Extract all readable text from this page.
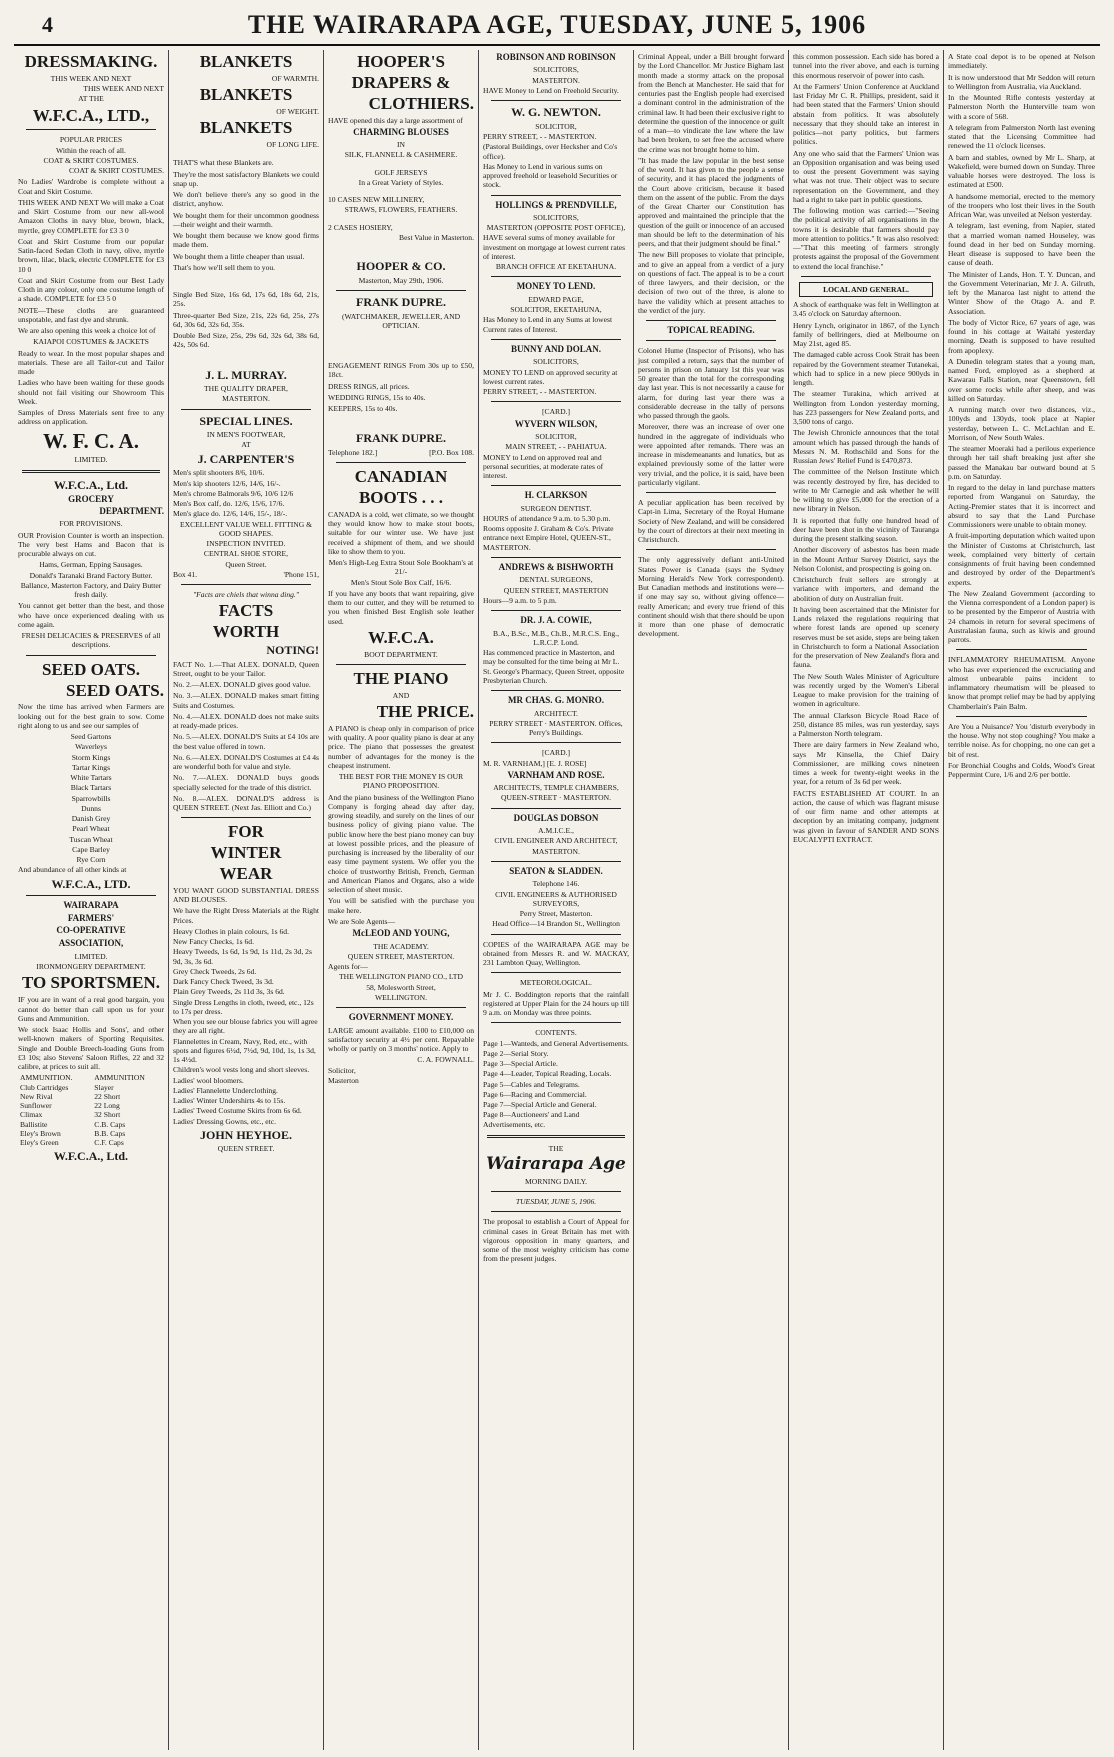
4	THE WAIRARAPA AGE, TUESDAY, JUNE 5, 1906
DRESSMAKING.
THIS WEEK AND NEXT
THIS WEEK AND NEXT
AT THE
W.F.C.A., LTD.,
POPULAR PRICES
Within the reach of all.
COAT & SKIRT COSTUMES.
COAT & SKIRT COSTUMES.

No Ladies' Wardrobe is complete without a Coat and Skirt Costume.

THIS WEEK AND NEXT We will make a Coat and Skirt Costume from our new all-wool Amazon Cloths in navy blue, brown, black, myrtle, grey COMPLETE for £3 3 0

Coat and Skirt Costume from our popular Satin-faced Sedan Cloth in navy, olive, myrtle brown, lilac, black, electric COMPLETE for £3 10 0

Coat and Skirt Costume from our Best Lady Cloth in any colour, only one costume length of a shade. COMPLETE for £3 5 0

NOTE—These cloths are guaranteed unspotable, and fast dye and shrunk.

We are also opening this week a choice lot of

KAIAPOI COSTUMES & JACKETS

Ready to wear. In the most popular shapes and materials. These are all Tailor-cut and Tailor made

Ladies who have been waiting for these goods should not fail visiting our Showroom This Week.

Samples of Dress Materials sent free to any address on application.

W. F. C. A.
LIMITED.
W.F.C.A., Ltd.
GROCERY
DEPARTMENT.
FOR PROVISIONS.

OUR Provision Counter is worth an inspection. The very best Hams and Bacon that is procurable always on cut.

Hams, German, Epping Sausages.
Donald's Taranaki Brand Factory Butter.
Ballance, Masterton Factory, and Dairy Butter fresh daily.

You cannot get better than the best, and those who have once experienced dealing with us come again.

FRESH DELICACIES & PRESERVES of all descriptions.
SEED OATS.
SEED OATS.

Now the time has arrived when Farmers are looking out for the best grain to sow. Come right along to us and see our samples of

Seed Gartons
Waverleys
Storm Kings
Tartar Kings
White Tartars
Black Tartars
Sparrowbills
Dunns
Danish Grey
Pearl Wheat
Tuscan Wheat
Cape Barley
Rye Corn
And abundance of all other kinds at
W.F.C.A., LTD.
WAIRARAPA
FARMERS'
CO-OPERATIVE
ASSOCIATION,
LIMITED.
IRONMONGERY DEPARTMENT.
TO SPORTSMEN.

IF you are in want of a real good bargain, you cannot do better than call upon us for your Guns and Ammunition.

We stock Isaac Hollis and Sons', and other well-known makers of Sporting Requisites. Single and Double Breech-loading Guns from £3 10s; also Stevens' Saloon Rifles, 22 and 32 calibre, at prices to suit all.

AMMUNITION.	AMMUNITION
Club Cartridges	Slayer
New Rival	22 Short
Sunflower	22 Long
Climax	32 Short
Ballistite	C.B. Caps
Eley's Brown	B.B. Caps
Eley's Green	C.F. Caps
W.F.C.A., Ltd.
BLANKETS
OF WARMTH.
BLANKETS
OF WEIGHT.
BLANKETS
OF LONG LIFE.

THAT'S what these Blankets are.

They're the most satisfactory Blankets we could snap up.

We don't believe there's any so good in the district, anyhow.

We bought them for their uncommon goodness—their weight and their warmth.

We bought them because we know good firms made them.

We bought them a little cheaper than usual.

That's how we'll sell them to you.

Single Bed Size, 16s 6d, 17s 6d, 18s 6d, 21s, 25s.

Three-quarter Bed Size, 21s, 22s 6d, 25s, 27s 6d, 30s 6d, 32s 6d, 35s.

Double Bed Size, 25s, 29s 6d, 32s 6d, 38s 6d, 42s, 50s 6d.

J. L. MURRAY.
THE QUALITY DRAPER,
MASTERTON.
SPECIAL LINES.
IN MEN'S FOOTWEAR,
AT
J. CARPENTER'S
Men's split shooters 8/6, 10/6.
Men's kip shooters 12/6, 14/6, 16/-.
Men's chrome Balmorals 9/6, 10/6 12/6
Men's Box calf, do. 12/6, 15/6, 17/6.
Men's glace do. 12/6, 14/6, 15/-, 18/-.
EXCELLENT VALUE WELL FITTING & GOOD SHAPES.
INSPECTION INVITED.
CENTRAL SHOE STORE,
Queen Street.
Box 41.	'Phone 151,
"Facts are chiels that winna ding."
FACTS
WORTH
NOTING!

FACT No. 1.—That ALEX. DONALD, Queen Street, ought to be your Tailor.

No. 2.—ALEX. DONALD gives good value.

No. 3.—ALEX. DONALD makes smart fitting Suits and Costumes.

No. 4.—ALEX. DONALD does not make suits at ready-made prices.

No. 5.—ALEX. DONALD'S Suits at £4 10s are the best value offered in town.

No. 6.—ALEX. DONALD'S Costumes at £4 4s are wonderful both for value and style.

No. 7.—ALEX. DONALD buys goods specially selected for the trade of this district.

No. 8.—ALEX. DONALD'S address is QUEEN STREET. (Next Jas. Elliott and Co.)

FOR
WINTER
WEAR

YOU WANT GOOD SUBSTANTIAL DRESS AND BLOUSES.

We have the Right Dress Materials at the Right Prices.

Heavy Clothes in plain colours, 1s 6d.
New Fancy Checks, 1s 6d.
Heavy Tweeds, 1s 6d, 1s 9d, 1s 11d, 2s 3d, 2s 9d, 3s, 3s 6d.
Grey Check Tweeds, 2s 6d.
Dark Fancy Check Tweed, 3s 3d.
Plain Grey Tweeds, 2s 11d 3s, 3s 6d.
Single Dress Lengths in cloth, tweed, etc., 12s to 17s per dress.
When you see our blouse fabrics you will agree they are all right.
Flannelettes in Cream, Navy, Red, etc., with spots and figures 6½d, 7½d, 9d, 10d, 1s, 1s 3d, 1s 4½d.
Children's wool vests long and short sleeves.
Ladies' wool bloomers.
Ladies' Flannelette Underclothing.
Ladies' Winter Undershirts 4s to 15s.
Ladies' Tweed Costume Skirts from 6s 6d.
Ladies' Dressing Gowns, etc., etc.
JOHN HEYHOE.
QUEEN STREET.
HOOPER'S
DRAPERS &
CLOTHIERS.

HAVE opened this day a large assortment of

CHARMING BLOUSES
IN
SILK, FLANNELL & CASHMERE.
GOLF JERSEYS
In a Great Variety of Styles.
10 CASES NEW MILLINERY,
STRAWS, FLOWERS, FEATHERS.
2 CASES HOSIERY,
Best Value in Masterton.
HOOPER & CO.
Masterton, May 29th, 1906.
FRANK DUPRE.
(WATCHMAKER, JEWELLER, AND OPTICIAN.

ENGAGEMENT RINGS From 30s up to £50, 18ct.

DRESS RINGS, all prices.

WEDDING RINGS, 15s to 40s.

KEEPERS, 15s to 40s.

FRANK DUPRE.
Telephone 182.]	[P.O. Box 108.
CANADIAN
BOOTS . . .

CANADA is a cold, wet climate, so we thought they would know how to make stout boots, suitable for our winter use. We have just received a shipment of them, and we should like to show them to you.

Men's High-Leg Extra Stout Sole Bookham's at 21/-
Men's Stout Sole Box Calf, 16/6.

If you have any boots that want repairing, give them to our cutter, and they will be returned to you when finished Best English sole leather used.

W.F.C.A.
BOOT DEPARTMENT.
THE PIANO
AND
THE PRICE.

A PIANO is cheap only in comparison of price with quality. A poor quality piano is dear at any price. The piano that possesses the greatest number of advantages for the money is the cheapest instrument.

THE BEST FOR THE MONEY IS OUR PIANO PROPOSITION.

And the piano business of the Wellington Piano Company is forging ahead day after day, growing steadily, and surely on the lines of our business policy of giving piano value. The public know here the best piano money can buy at lowest possible prices, and the pleasure of purchasing is increased by the liberality of our easy time payment system. We offer you the choice of trustworthy British, French, German and American Pianos and Organs, also a wide selection of sheet music.

You will be satisfied with the purchase you make here.

We are Sole Agents—
McLEOD AND YOUNG,
THE ACADEMY.
QUEEN STREET, MASTERTON.
Agents for—
THE WELLINGTON PIANO CO., LTD
58, Molesworth Street,
WELLINGTON.
GOVERNMENT MONEY.

LARGE amount available. £100 to £10,000 on satisfactory security at 4½ per cent. Repayable wholly or partly on 3 months' notice. Apply to

C. A. FOWNALL.
Solicitor,
Masterton
ROBINSON AND ROBINSON
SOLICITORS,
MASTERTON.
HAVE Money to Lend on Freehold Security.
W. G. NEWTON.
SOLICITOR,
PERRY STREET, - - MASTERTON.
(Pastoral Buildings, over Hecksher and Co's office).
Has Money to Lend in various sums on approved freehold or leasehold Securities or stock.
HOLLINGS & PRENDVILLE,
SOLICITORS,
MASTERTON (OPPOSITE POST OFFICE),
HAVE several sums of money available for investment on mortgage at lowest current rates of interest.
BRANCH OFFICE AT EKETAHUNA.
MONEY TO LEND.
EDWARD PAGE,
SOLICITOR, EKETAHUNA,
Has Money to Lend in any Sums at lowest Current rates of Interest.
BUNNY AND DOLAN.
SOLICITORS,
MONEY TO LEND on approved security at lowest current rates.
PERRY STREET, - - MASTERTON.
[CARD.]
WYVERN WILSON,
SOLICITOR,
MAIN STREET, - - PAHIATUA.
MONEY to Lend on approved real and personal securities, at moderate rates of interest.
H. CLARKSON
SURGEON DENTIST.
HOURS of attendance 9 a.m. to 5.30 p.m.
Rooms opposite J. Graham & Co's. Private entrance next Empire Hotel, QUEEN-ST., MASTERTON.
ANDREWS & BISHWORTH
DENTAL SURGEONS,
QUEEN STREET, MASTERTON
Hours—9 a.m. to 5 p.m.
DR. J. A. COWIE,
B.A., B.Sc., M.B., Ch.B., M.R.C.S. Eng., L.R.C.P. Lond.
Has commenced practice in Masterton, and may be consulted for the time being at Mr L. St. George's Pharmacy, Queen Street, opposite Presbyterian Church.
MR CHAS. G. MONRO.
ARCHITECT.
PERRY STREET · MASTERTON. Offices, Perry's Buildings.
[CARD.]
M. R. VARNHAM,] [E. J. ROSE]
VARNHAM AND ROSE.
ARCHITECTS, TEMPLE CHAMBERS,
QUEEN-STREET · MASTERTON.
DOUGLAS DOBSON
A.M.I.C.E.,
CIVIL ENGINEER AND ARCHITECT,
MASTERTON.
SEATON & SLADDEN.
Telephone 146.
CIVIL ENGINEERS & AUTHORISED SURVEYORS,
Perry Street, Masterton.
Head Office—14 Brandon St., Wellington

COPIES of the WAIRARAPA AGE may be obtained from Messrs R. and W. MACKAY, 231 Lambton Quay, Wellington.

METEOROLOGICAL.

Mr J. C. Boddington reports that the rainfall registered at Upper Plain for the 24 hours up till 9 a.m. on Monday was three points.

CONTENTS.
Page 1—Wanteds, and General Advertisements.
Page 2—Serial Story.
Page 3—Special Article.
Page 4—Leader, Topical Reading, Locals.
Page 5—Cables and Telegrams.
Page 6—Racing and Commercial.
Page 7—Special Article and General.
Page 8—Auctioneers' and Land Advertisements, etc.
THE
Wairarapa Age
MORNING DAILY.
TUESDAY, JUNE 5, 1906.

The proposal to establish a Court of Appeal for criminal cases in Great Britain has met with vigorous opposition in many quarters, and some of the most weighty criticism has come from the present judges.

Criminal Appeal, under a Bill brought forward by the Lord Chancellor. Mr Justice Bigham last month made a stormy attack on the proposal from the Bench at Manchester. He said that for centuries past the English people had exercised a dominant control in the administration of the criminal law. It had been their exclusive right to determine the question of the innocence or guilt of a man—to vindicate the law where the law had been broken, to set free the accused where the crime was not brought home to him.

"It has made the law popular in the best sense of the word. It has given to the people a sense of security, and it has placed the judgments of the Court above criticism, because it based them on the assent of the public. From the days of the Great Charter our Constitution has approved and maintained the principle that the question of the guilt or innocence of an accused man should be left to the determination of his peers, and that their judgment should be final."

The new Bill proposes to violate that principle, and to give an appeal from a verdict of a jury on questions of fact. The appeal is to be a court of three lawyers, and their decision, or the decision of two out of the three, is alone to have the validity which at present attaches to the verdict of the jury.

TOPICAL READING.

Colonel Hume (Inspector of Prisons), who has just compiled a return, says that the number of persons in prison on January 1st this year was 50 greater than the total for the corresponding day last year. This is not necessarily a cause for alarm, for during last year there was a considerable decrease in the tally of persons who passed through the gaols.

Moreover, there was an increase of over one hundred in the aggregate of individuals who were appointed after remands. There was an increase in misdemeanants and lunatics, but as explained previously some of the latter were very trivial, and the police, it is said, have been particularly vigilant.

A peculiar application has been received by Capt-in Lima, Secretary of the Royal Humane Society of New Zealand, and will be considered by the court of directors at their next meeting in Christchurch.

The only aggressively defiant anti-United States Power is Canada (says the Sydney Morning Herald's New York correspondent). But Canadian methods and institutions were—if one may say so, without giving offence—really American; and every true friend of this continent should wish that there should be upon it more than one phase of democratic development.

this common possession. Each side has bored a tunnel into the river above, and each is turning this enormous reservoir of power into cash.

At the Farmers' Union Conference at Auckland last Friday Mr C. R. Phillips, president, said it had been stated that the Farmers' Union should abstain from politics. It was absolutely necessary that they should take an interest in politics—not party politics, but farmers politics.

Any one who said that the Farmers' Union was an Opposition organisation and was being used to oust the present Government was saying what was not true. Their object was to secure representation on the Government, and they had a right to take part in public questions.

The following motion was carried:—"Seeing the political activity of all organisations in the towns it is desirable that farmers should pay more attention to politics." It was also resolved:—"That this meeting of farmers strongly protests against the proposal of the Government to extend the local franchise."

LOCAL AND GENERAL.

A shock of earthquake was felt in Wellington at 3.45 o'clock on Saturday afternoon.

Henry Lynch, originator in 1867, of the Lynch family of bellringers, died at Melbourne on May 21st, aged 85.

The damaged cable across Cook Strait has been repaired by the Government steamer Tutanekai, which had to splice in a new piece 900yds in length.

The steamer Turakina, which arrived at Wellington from London yesterday morning, has 223 passengers for New Zealand ports, and 3,500 tons of cargo.

The Jewish Chronicle announces that the total amount which has passed through the hands of Messrs N. M. Rothschild and Sons for the Russian Jews' Relief Fund is £470,873.

The committee of the Nelson Institute which was recently destroyed by fire, has decided to write to Mr Carnegie and ask whether he will be willing to give £5,000 for the erection of a new library in Nelson.

It is reported that fully one hundred head of deer have been shot in the vicinity of Tauranga during the present stalking season.

Another discovery of asbestos has been made in the Mount Arthur Survey District, says the Nelson Colonist, and prospecting is going on.

Christchurch fruit sellers are strongly at variance with importers, and demand the abolition of duty on Australian fruit.

It having been ascertained that the Minister for Lands relaxed the regulations requiring that where forest lands are opened up scenery reserves must be set aside, steps are being taken in Christchurch to form a National Association for the preservation of New Zealand's flora and fauna.

The New South Wales Minister of Agriculture was recently urged by the Women's Liberal League to make provision for the training of women in agriculture.

The annual Clarkson Bicycle Road Race of 250, distance 85 miles, was run yesterday, says a Palmerston North telegram.

There are dairy farmers in New Zealand who, says Mr Kinsella, the Chief Dairy Commissioner, are milking cows nineteen times a week for twenty-eight weeks in the year, for a return of 3s 6d per week.

FACTS ESTABLISHED AT COURT. In an action, the cause of which was flagrant misuse of our firm name and other attempts at deception by an imitating company, judgment was given in favour of SANDER AND SONS EUCALYPTI EXTRACT.

A State coal depot is to be opened at Nelson immediately.

It is now understood that Mr Seddon will return to Wellington from Australia, via Auckland.

In the Mounted Rifle contests yesterday at Palmerston North the Hunterville team won with a score of 568.

A telegram from Palmerston North last evening stated that the Licensing Committee had renewed the 11 o'clock licenses.

A barn and stables, owned by Mr L. Sharp, at Wakefield, were burned down on Sunday. Three valuable horses were destroyed. The loss is estimated at £500.

A handsome memorial, erected to the memory of the troopers who lost their lives in the South African War, was unveiled at Nelson yesterday.

A telegram, last evening, from Napier, stated that a married woman named Houseley, was found dead in her bed on Sunday morning. Heart disease is supposed to have been the cause of death.

The Minister of Lands, Hon. T. Y. Duncan, and the Government Veterinarian, Mr J. A. Gilruth, left by the Manaroa last night to attend the Winter Show of the Otago A. and P. Association.

The body of Victor Rice, 67 years of age, was found in his cottage at Waitahi yesterday morning. Death is supposed to have resulted from apoplexy.

A Dunedin telegram states that a young man, named Ford, employed as a shepherd at Kawarau Falls Station, near Queenstown, fell over some rocks while after sheep, and was killed on Saturday.

A running match over two distances, viz., 100yds and 130yds, took place at Napier yesterday, between L. C. McLachlan and E. Morrison, of New South Wales.

The steamer Moeraki had a perilous experience through her tail shaft breaking just after she passed the Manakau bar outward bound at 5 p.m. on Saturday.

In regard to the delay in land purchase matters reported from Wanganui on Saturday, the Acting-Premier states that it is incorrect and absurd to say that the Land Purchase Commissioners were unable to obtain money.

A fruit-importing deputation which waited upon the Minister of Customs at Christchurch, last week, complained very bitterly of certain consignments of fruit having been condemned and destroyed by order of the Department's experts.

The New Zealand Government (according to the Vienna correspondent of a London paper) is to be presented by the Emperor of Austria with 24 chamois in return for several specimens of Australasian fauna, such as kiwis and ground parrots.

INFLAMMATORY RHEUMATISM. Anyone who has ever experienced the excruciating and almost unbearable pains incident to inflammatory rheumatism will be pleased to know that prompt relief may be had by applying Chamberlain's Pain Balm.

Are You a Nuisance? You 'disturb everybody in the house. Why not stop coughing? You make a terrible noise. As for chopping, no one can get a bit of rest.

For Bronchial Coughs and Colds, Wood's Great Peppermint Cure, 1/6 and 2/6 per bottle.
